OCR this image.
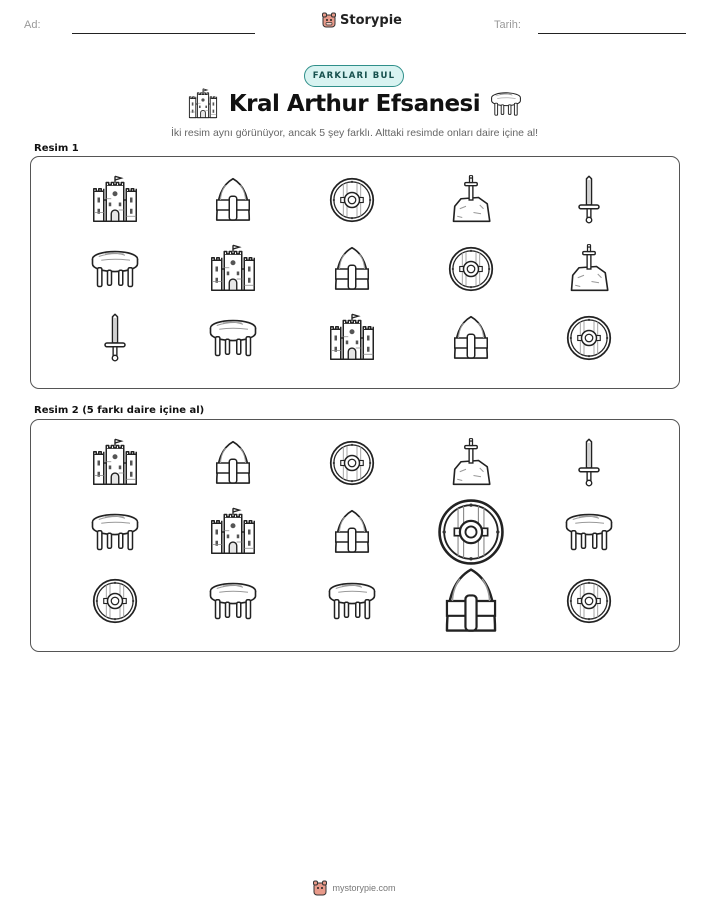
Ad:	Storypie	Tarih:
FARKLARI BUL
Kral Arthur Efsanesi
İki resim aynı görünüyor, ancak 5 şey farklı. Alttaki resimde onları daire içine al!
Resim 1
Resim 2 (5 farkı daire içine al)
mystorypie.com
